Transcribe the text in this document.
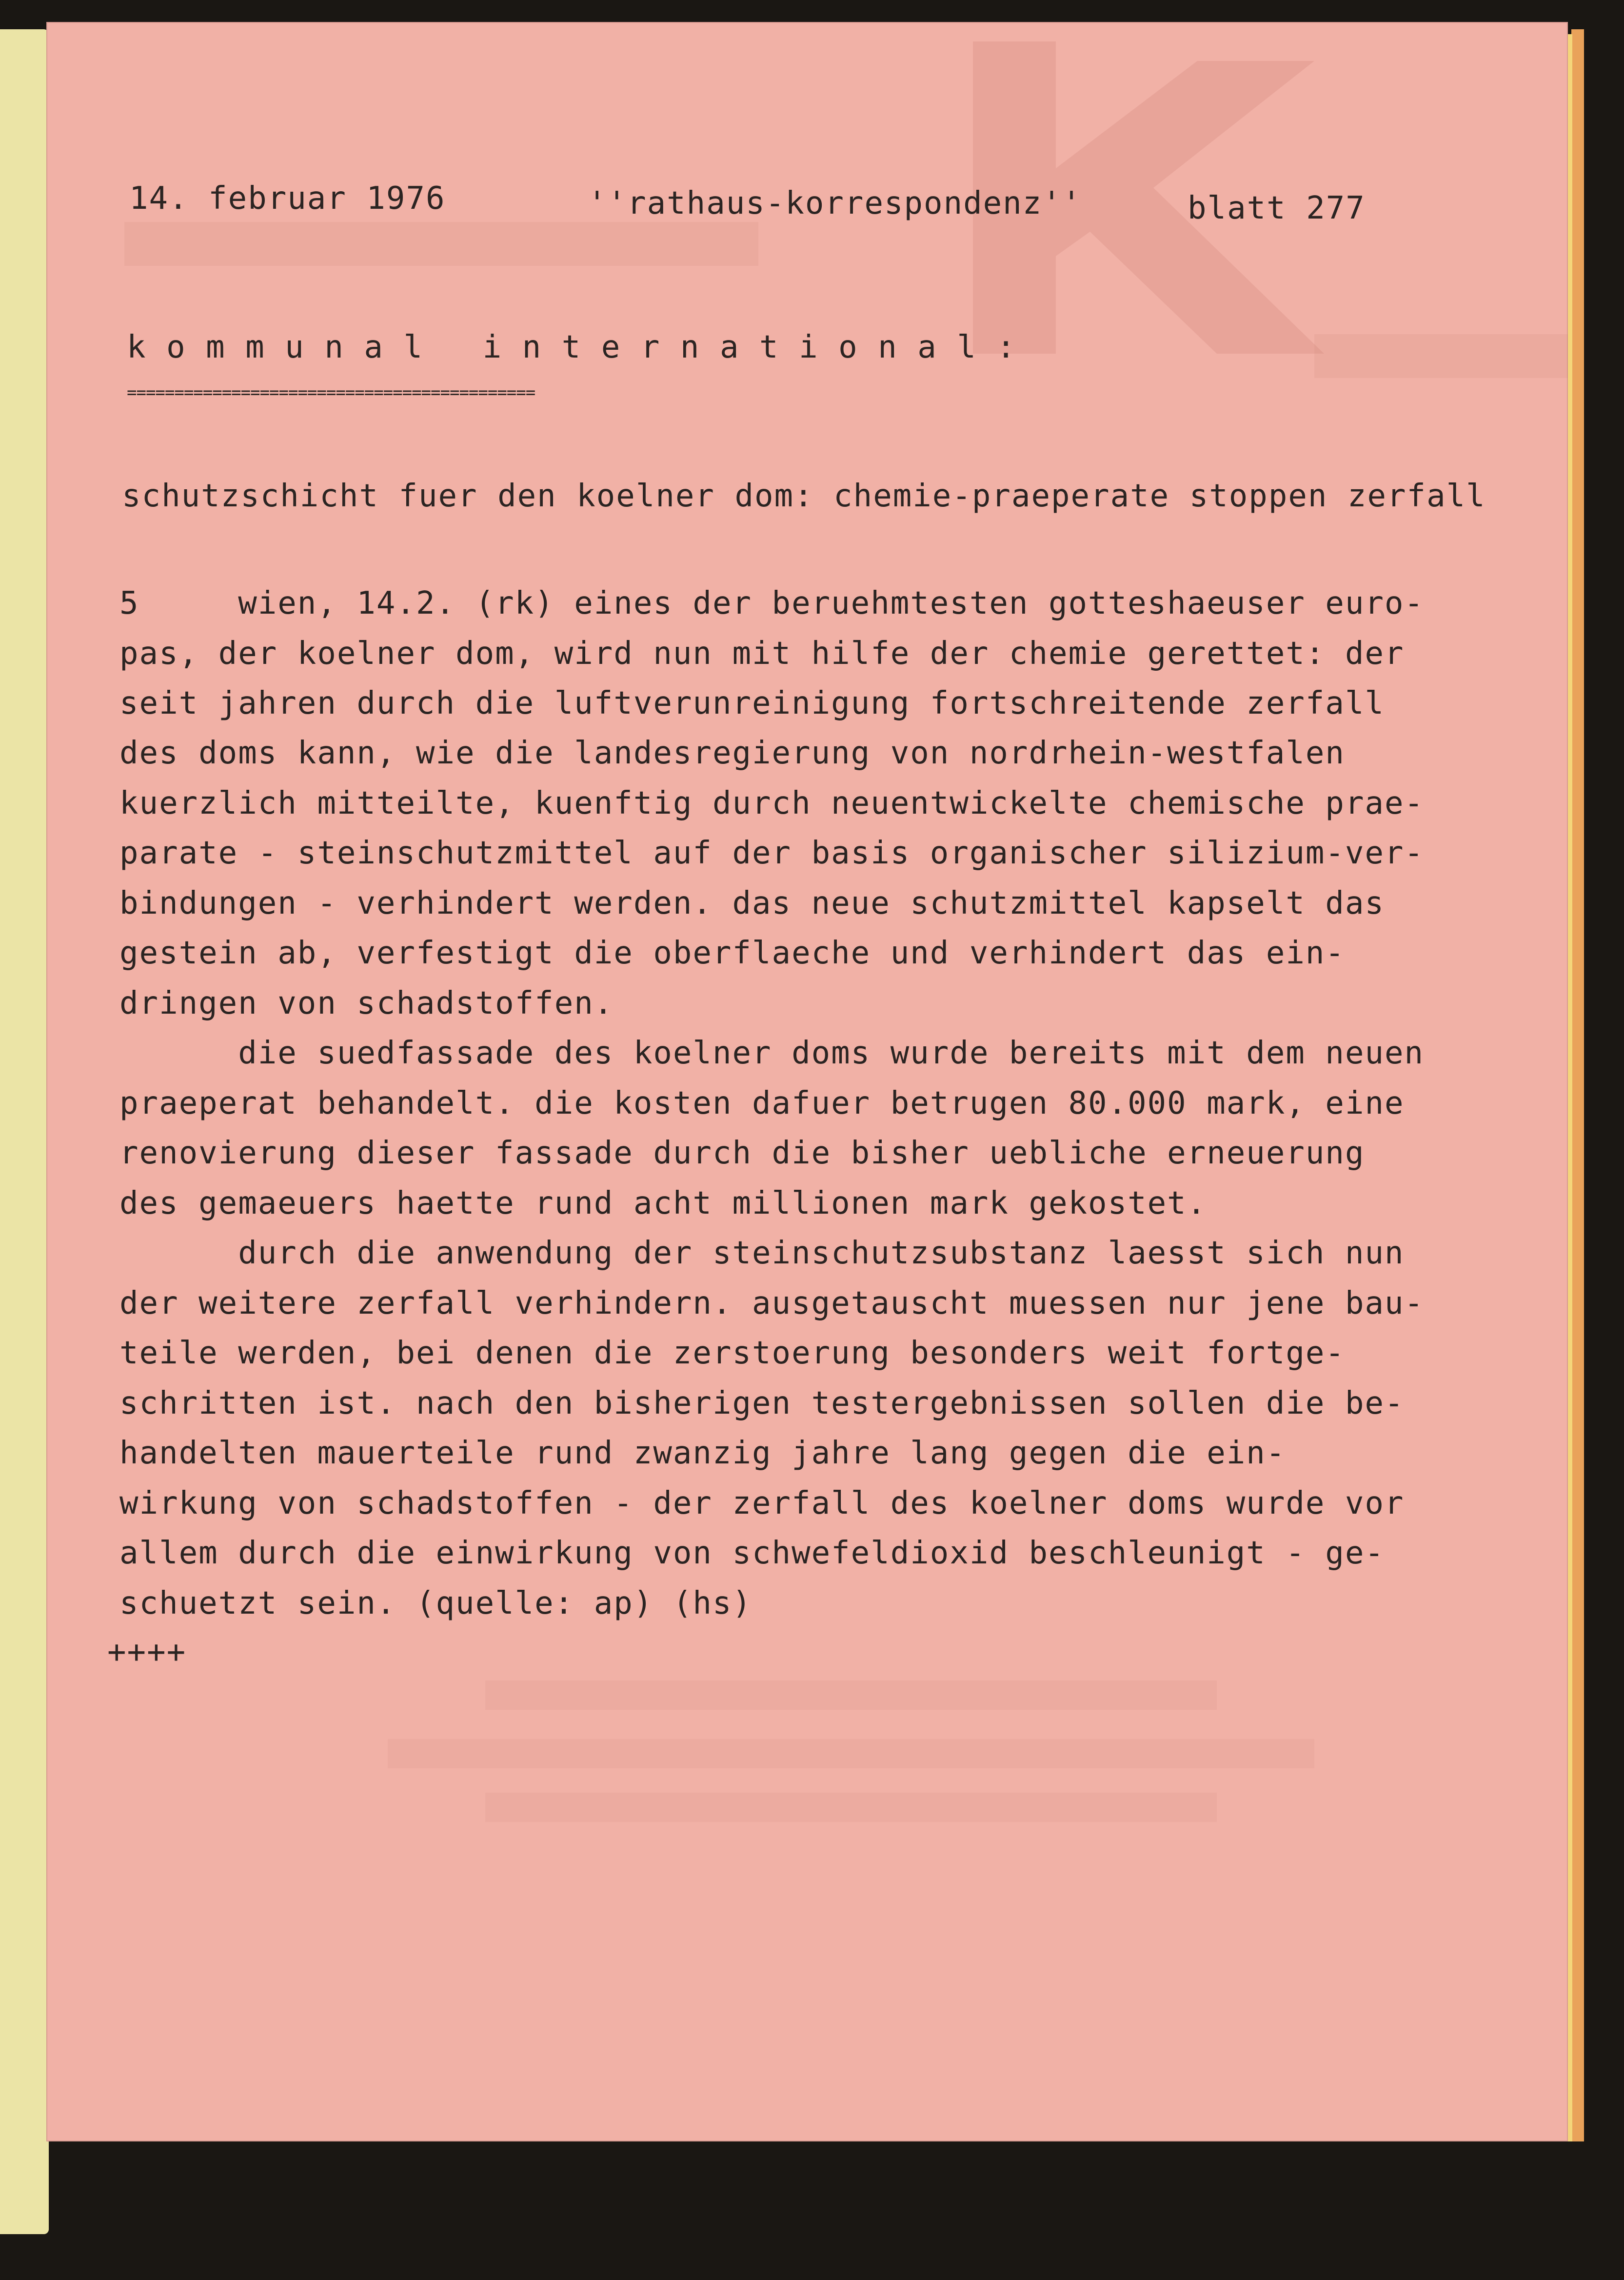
14. februar 1976	''rathaus-korrespondenz''	blatt 277
k o m m u n a l   i n t e r n a t i o n a l :
===========================================
schutzschicht fuer den koelner dom: chemie-praeperate stoppen zerfall
5     wien, 14.2. (rk) eines der beruehmtesten gotteshaeuser euro-
pas, der koelner dom, wird nun mit hilfe der chemie gerettet: der
seit jahren durch die luftverunreinigung fortschreitende zerfall
des doms kann, wie die landesregierung von nordrhein-westfalen
kuerzlich mitteilte, kuenftig durch neuentwickelte chemische prae-
parate - steinschutzmittel auf der basis organischer silizium-ver-
bindungen - verhindert werden. das neue schutzmittel kapselt das
gestein ab, verfestigt die oberflaeche und verhindert das ein-
dringen von schadstoffen.
die suedfassade des koelner doms wurde bereits mit dem neuen
praeperat behandelt. die kosten dafuer betrugen 80.000 mark, eine
renovierung dieser fassade durch die bisher uebliche erneuerung
des gemaeuers haette rund acht millionen mark gekostet.
durch die anwendung der steinschutzsubstanz laesst sich nun
der weitere zerfall verhindern. ausgetauscht muessen nur jene bau-
teile werden, bei denen die zerstoerung besonders weit fortge-
schritten ist. nach den bisherigen testergebnissen sollen die be-
handelten mauerteile rund zwanzig jahre lang gegen die ein-
wirkung von schadstoffen - der zerfall des koelner doms wurde vor
allem durch die einwirkung von schwefeldioxid beschleunigt - ge-
schuetzt sein. (quelle: ap) (hs)
++++
